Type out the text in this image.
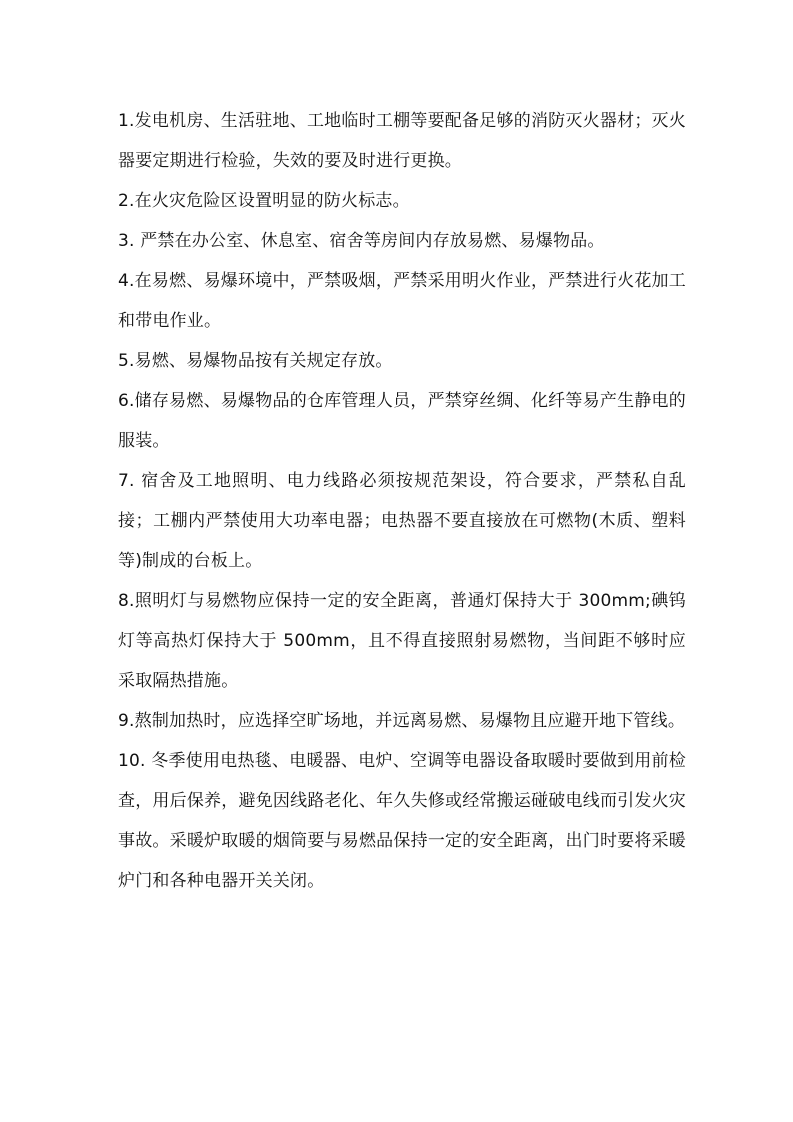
1.发电机房、生活驻地、工地临时工棚等要配备足够的消防灭火器材；灭火器要定期进行检验，失效的要及时进行更换。

2.在火灾危险区设置明显的防火标志。

3. 严禁在办公室、休息室、宿舍等房间内存放易燃、易爆物品。

4.在易燃、易爆环境中，严禁吸烟，严禁采用明火作业，严禁进行火花加工和带电作业。

5.易燃、易爆物品按有关规定存放。

6.储存易燃、易爆物品的仓库管理人员，严禁穿丝绸、化纤等易产生静电的服装。

7. 宿舍及工地照明、电力线路必须按规范架设，符合要求，严禁私自乱接；工棚内严禁使用大功率电器；电热器不要直接放在可燃物(木质、塑料等)制成的台板上。

8.照明灯与易燃物应保持一定的安全距离，普通灯保持大于 300mm;碘钨灯等高热灯保持大于 500mm，且不得直接照射易燃物，当间距不够时应采取隔热措施。

9.熬制加热时，应选择空旷场地，并远离易燃、易爆物且应避开地下管线。

10. 冬季使用电热毯、电暖器、电炉、空调等电器设备取暖时要做到用前检查，用后保养，避免因线路老化、年久失修或经常搬运碰破电线而引发火灾事故。采暖炉取暖的烟筒要与易燃品保持一定的安全距离，出门时要将采暖炉门和各种电器开关关闭。
